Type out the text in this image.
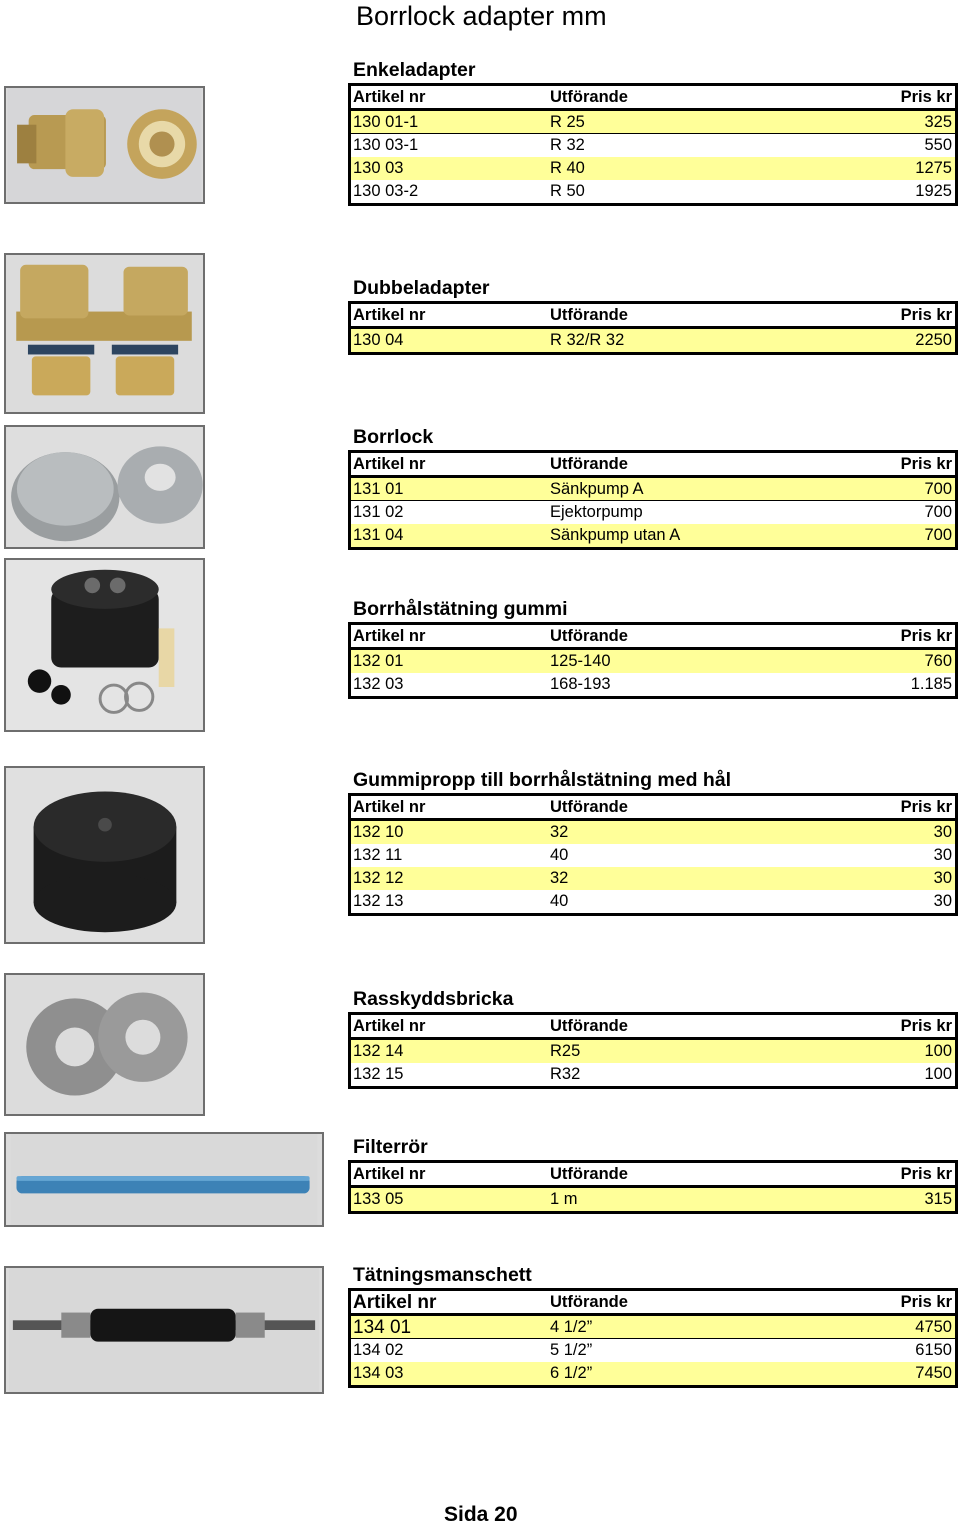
Borrlock adapter mm
Enkeladapter
Artikel nr	Utförande	Pris kr
130 01-1	R 25	325
130 03-1	R 32	550
130 03	R 40	1275
130 03-2	R 50	1925
Dubbeladapter
Artikel nr	Utförande	Pris kr
130 04	R 32/R 32	2250
Borrlock
Artikel nr	Utförande	Pris kr
131 01	Sänkpump A	700
131 02	Ejektorpump	700
131 04	Sänkpump utan A	700
Borrhålstätning gummi
Artikel nr	Utförande	Pris kr
132 01	125-140	760
132 03	168-193	1.185
Gummipropp till borrhålstätning med hål
Artikel nr	Utförande	Pris kr
132 10	32	30
132 11	40	30
132 12	32	30
132 13	40	30
Rasskyddsbricka
Artikel nr	Utförande	Pris kr
132 14	R25	100
132 15	R32	100
Filterrör
Artikel nr	Utförande	Pris kr
133 05	1 m	315
Tätningsmanschett
Artikel nr	Utförande	Pris kr
134 01	4 1/2”	4750
134 02	5 1/2”	6150
134 03	6 1/2”	7450
Sida 20
